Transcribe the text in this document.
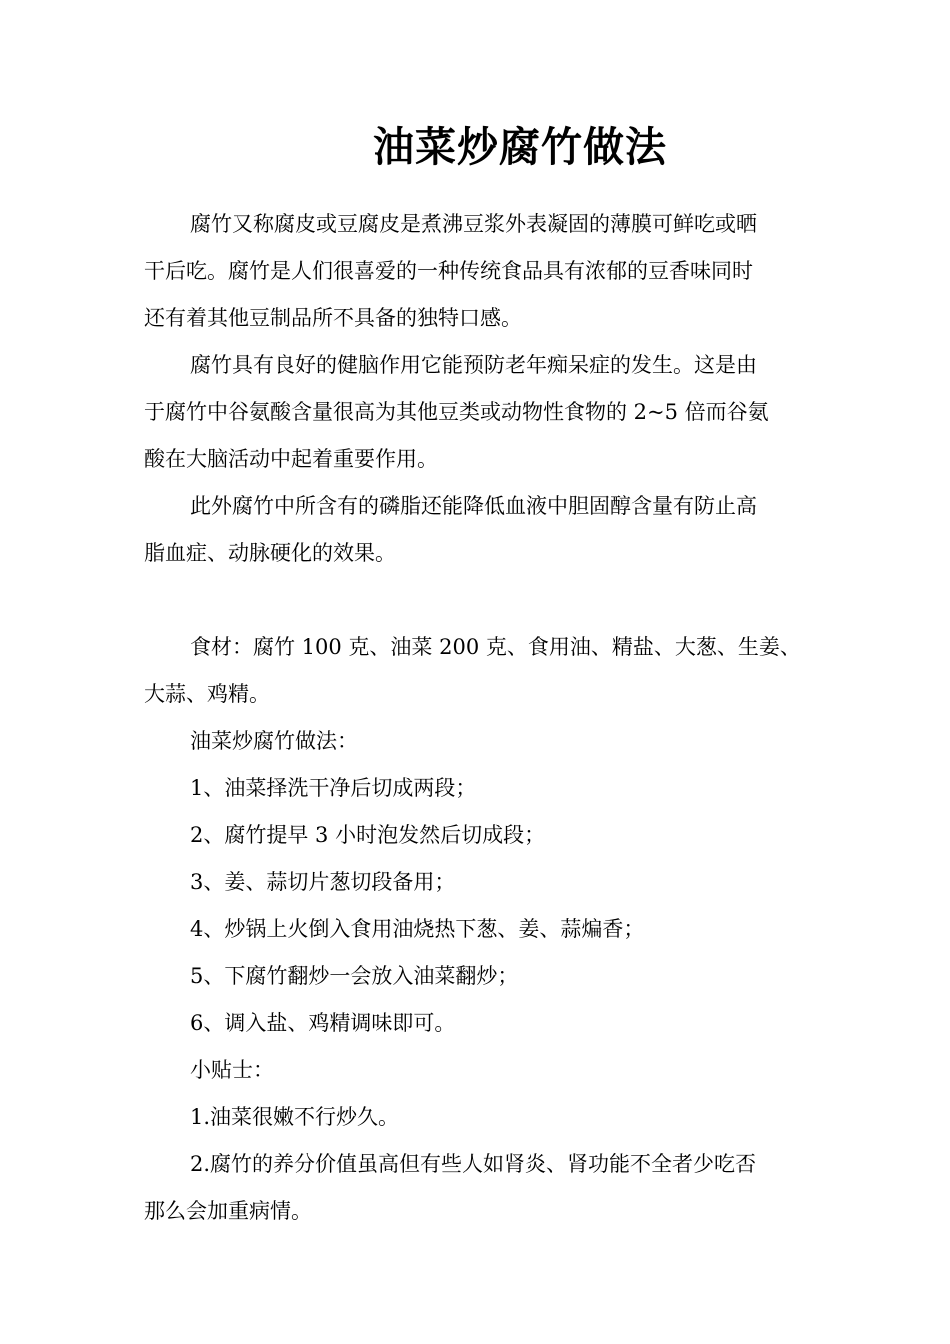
油菜炒腐竹做法
腐竹又称腐皮或豆腐皮是煮沸豆浆外表凝固的薄膜可鲜吃或晒
干后吃。腐竹是人们很喜爱的一种传统食品具有浓郁的豆香味同时
还有着其他豆制品所不具备的独特口感。
腐竹具有良好的健脑作用它能预防老年痴呆症的发生。这是由
于腐竹中谷氨酸含量很高为其他豆类或动物性食物的 2~5 倍而谷氨
酸在大脑活动中起着重要作用。
此外腐竹中所含有的磷脂还能降低血液中胆固醇含量有防止高
脂血症、动脉硬化的效果。
食材：腐竹 100 克、油菜 200 克、食用油、精盐、大葱、生姜、
大蒜、鸡精。
油菜炒腐竹做法：
1、油菜择洗干净后切成两段；
2、腐竹提早 3 小时泡发然后切成段；
3、姜、蒜切片葱切段备用；
4、炒锅上火倒入食用油烧热下葱、姜、蒜煸香；
5、下腐竹翻炒一会放入油菜翻炒；
6、调入盐、鸡精调味即可。
小贴士：
1.油菜很嫩不行炒久。
2.腐竹的养分价值虽高但有些人如肾炎、肾功能不全者少吃否
那么会加重病情。
